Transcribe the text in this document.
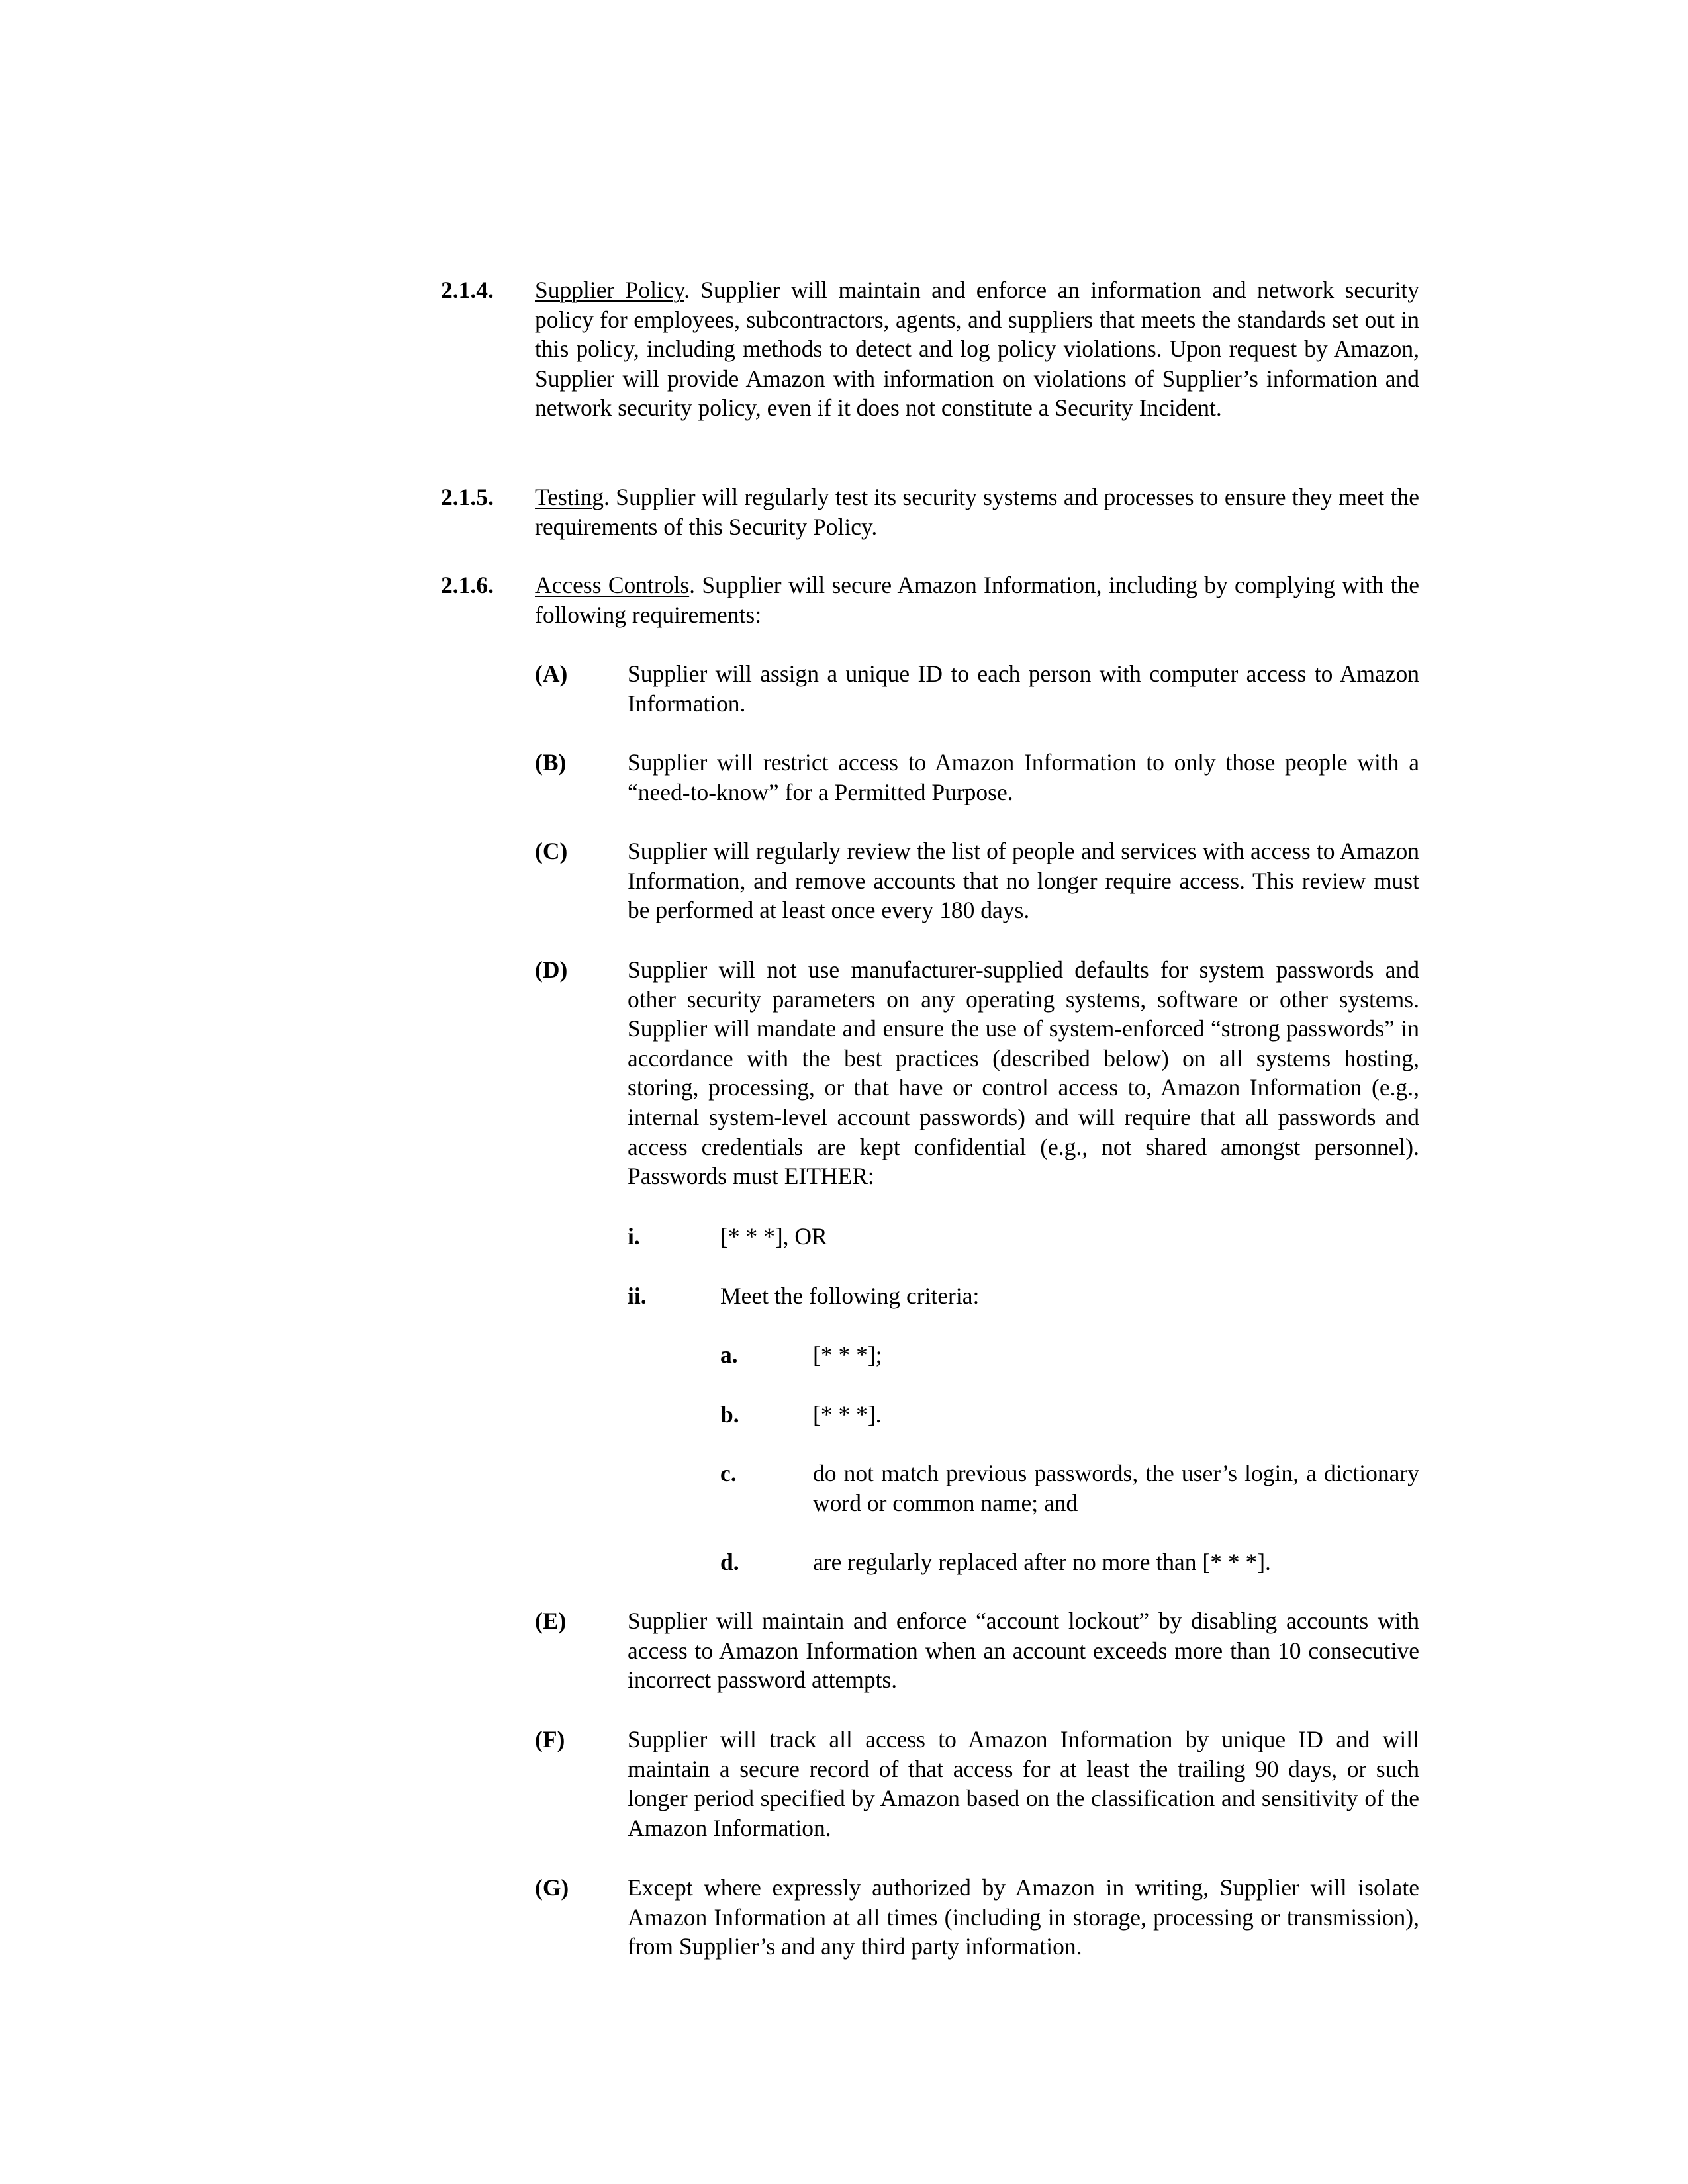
2.1.4. Supplier Policy. Supplier will maintain and enforce an information and network security policy for employees, subcontractors, agents, and suppliers that meets the standards set out in this policy, including methods to detect and log policy violations. Upon request by Amazon, Supplier will provide Amazon with information on violations of Supplier’s information and network security policy, even if it does not constitute a Security Incident.
2.1.5. Testing. Supplier will regularly test its security systems and processes to ensure they meet the requirements of this Security Policy.
2.1.6. Access Controls. Supplier will secure Amazon Information, including by complying with the following requirements:
(A)	Supplier will assign a unique ID to each person with computer access to Amazon Information.
(B)	Supplier will restrict access to Amazon Information to only those people with a “need-to-know” for a Permitted Purpose.
(C)	Supplier will regularly review the list of people and services with access to Amazon Information, and remove accounts that no longer require access. This review must be performed at least once every 180 days.
(D)	Supplier will not use manufacturer-supplied defaults for system passwords and other security parameters on any operating systems, software or other systems. Supplier will mandate and ensure the use of system-enforced “strong passwords” in accordance with the best practices (described below) on all systems hosting, storing, processing, or that have or control access to, Amazon Information (e.g., internal system-level account passwords) and will require that all passwords and access credentials are kept confidential (e.g., not shared amongst personnel). Passwords must EITHER:
i.	[* * *], OR
ii.	Meet the following criteria:
a.	[* * *];
b.	[* * *].
c.	do not match previous passwords, the user’s login, a dictionary word or common name; and
d.	are regularly replaced after no more than [* * *].
(E)	Supplier will maintain and enforce “account lockout” by disabling accounts with access to Amazon Information when an account exceeds more than 10 consecutive incorrect password attempts.
(F)	Supplier will track all access to Amazon Information by unique ID and will maintain a secure record of that access for at least the trailing 90 days, or such longer period specified by Amazon based on the classification and sensitivity of the Amazon Information.
(G) Except where expressly authorized by Amazon in writing, Supplier will isolate Amazon Information at all times (including in storage, processing or transmission), from Supplier’s and any third party information.
